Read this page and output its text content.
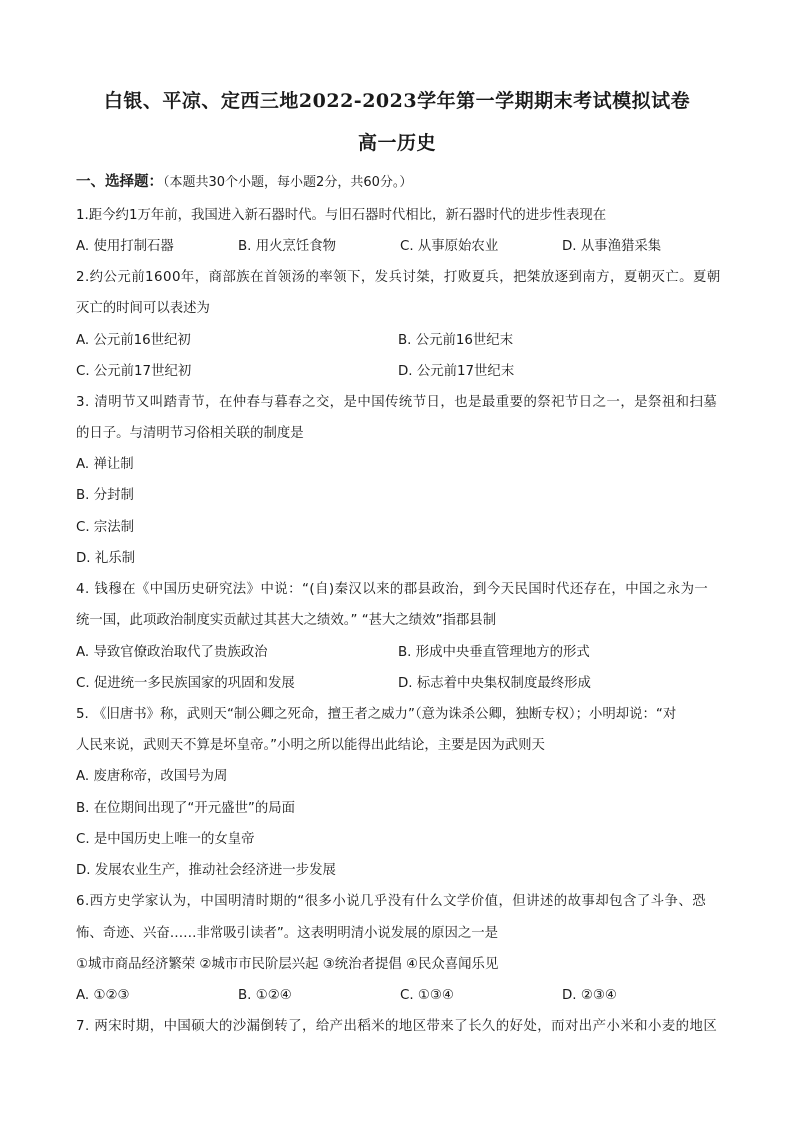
白银、平凉、定西三地2022-2023学年第一学期期末考试模拟试卷
高一历史
一、选择题：（本题共30个小题，每小题2分，共60分。）
1.距今约1万年前，我国进入新石器时代。与旧石器时代相比，新石器时代的进步性表现在
A. 使用打制石器	B. 用火烹饪食物	C. 从事原始农业	D. 从事渔猎采集
2.约公元前1600年，商部族在首领汤的率领下，发兵讨桀，打败夏兵，把桀放逐到南方，夏朝灭亡。夏朝
灭亡的时间可以表述为
A. 公元前16世纪初	B. 公元前16世纪末
C. 公元前17世纪初	D. 公元前17世纪末
3. 清明节又叫踏青节，在仲春与暮春之交，是中国传统节日，也是最重要的祭祀节日之一，是祭祖和扫墓
的日子。与清明节习俗相关联的制度是
A. 禅让制
B. 分封制
C. 宗法制
D. 礼乐制
4. 钱穆在《中国历史研究法》中说：“(自)秦汉以来的郡县政治，到今天民国时代还存在，中国之永为一
统一国，此项政治制度实贡献过其甚大之绩效。” “甚大之绩效”指郡县制
A. 导致官僚政治取代了贵族政治	B. 形成中央垂直管理地方的形式
C. 促进统一多民族国家的巩固和发展	D. 标志着中央集权制度最终形成
5. 《旧唐书》称，武则天“制公卿之死命，擅王者之威力”（意为诛杀公卿，独断专权）；小明却说：“对
人民来说，武则天不算是坏皇帝。”小明之所以能得出此结论，主要是因为武则天
A. 废唐称帝，改国号为周
B. 在位期间出现了“开元盛世”的局面
C. 是中国历史上唯一的女皇帝
D. 发展农业生产，推动社会经济进一步发展
6.西方史学家认为，中国明清时期的“很多小说几乎没有什么文学价值，但讲述的故事却包含了斗争、恐
怖、奇迹、兴奋……非常吸引读者”。这表明明清小说发展的原因之一是
①城市商品经济繁荣 ②城市市民阶层兴起 ③统治者提倡 ④民众喜闻乐见
A. ①②③	B. ①②④	C. ①③④	D. ②③④
7. 两宋时期，中国硕大的沙漏倒转了，给产出稻米的地区带来了长久的好处，而对出产小米和小麦的地区
